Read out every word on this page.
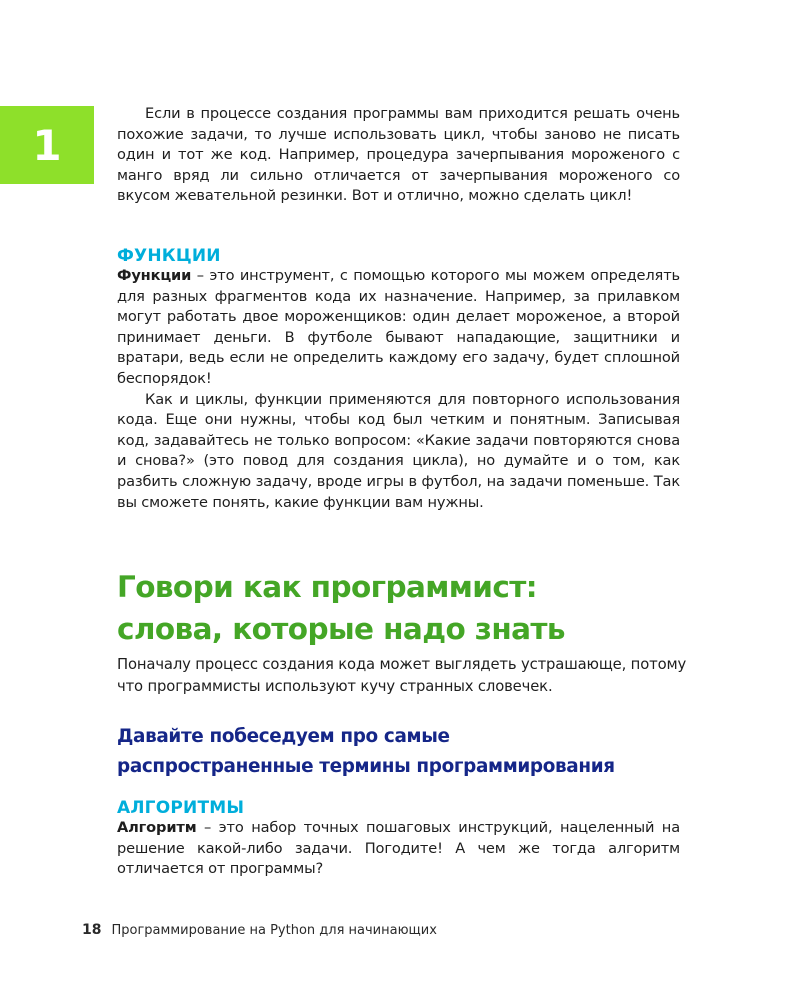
1

Если в процессе создания программы вам приходится решать очень похожие задачи, то лучше использовать цикл, чтобы заново не писать один и тот же код. Например, процедура зачерпывания мороженого с манго вряд ли сильно отличается от зачерпывания мороженого со вкусом жевательной резинки. Вот и отлично, можно сделать цикл!

ФУНКЦИИ

Функции – это инструмент, с помощью которого мы можем определять для разных фрагментов кода их назначение. Например, за прилавком могут работать двое мороженщиков: один делает мороженое, а второй принимает деньги. В футболе бывают нападающие, защитники и вратари, ведь если не определить каждому его задачу, будет сплошной беспорядок!

Как и циклы, функции применяются для повторного использования кода. Еще они нужны, чтобы код был четким и понятным. Записывая код, задавайтесь не только вопросом: «Какие задачи повторяются снова и снова?» (это повод для создания цикла), но думайте и о том, как разбить сложную задачу, вроде игры в футбол, на задачи поменьше. Так вы сможете понять, какие функции вам нужны.

Говори как программист:
слова, которые надо знать

Поначалу процесс создания кода может выглядеть устрашающе, потому что программисты используют кучу странных словечек.

Давайте побеседуем про самые
распространенные термины программирования
АЛГОРИТМЫ

Алгоритм – это набор точных пошаговых инструкций, нацеленный на решение какой-либо задачи. Погодите! А чем же тогда алгоритм отличается от программы?

18 Программирование на Python для начинающих
